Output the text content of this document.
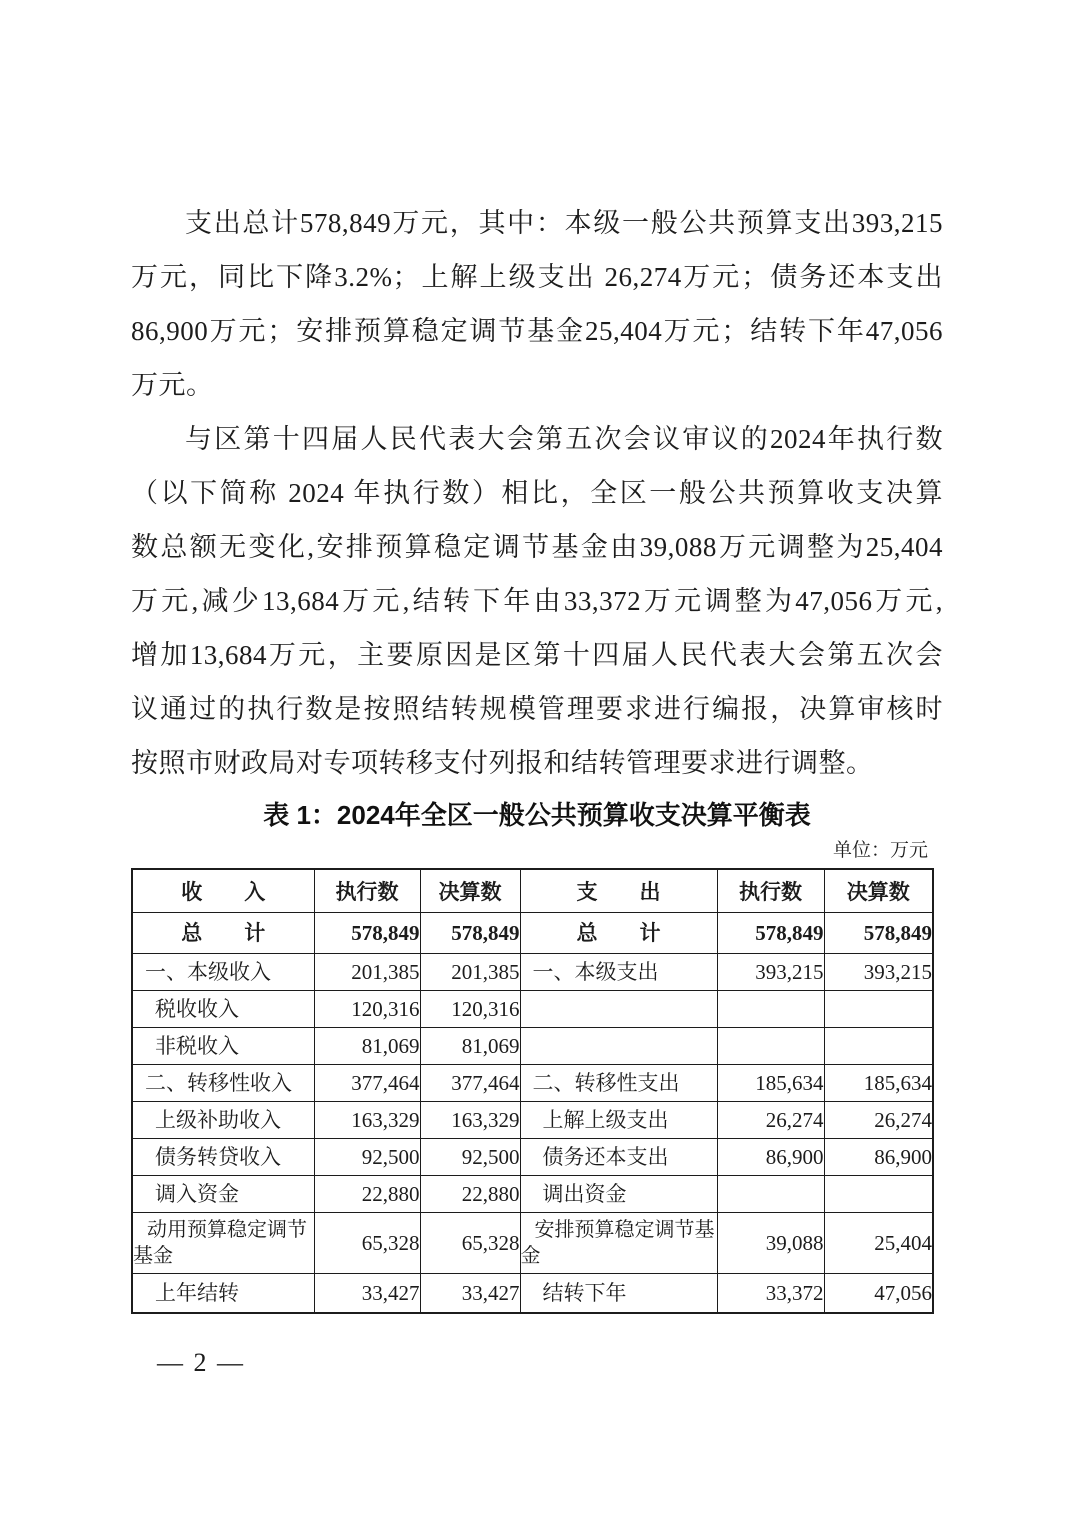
支出总计578,849万元，其中：本级一般公共预算支出393,215
万元，同比下降3.2%；上解上级支出 26,274万元；债务还本支出
86,900万元；安排预算稳定调节基金25,404万元；结转下年47,056
万元。
与区第十四届人民代表大会第五次会议审议的2024年执行数
（以下简称 2024 年执行数）相比，全区一般公共预算收支决算
数总额无变化,安排预算稳定调节基金由39,088万元调整为25,404
万元,减少13,684万元,结转下年由33,372万元调整为47,056万元,
增加13,684万元，主要原因是区第十四届人民代表大会第五次会
议通过的执行数是按照结转规模管理要求进行编报，决算审核时
按照市财政局对专项转移支付列报和结转管理要求进行调整。
表 1：2024年全区一般公共预算收支决算平衡表
单位：万元
收　　入	执行数	决算数	支　　出	执行数	决算数
总　　计	578,849	578,849	总　　计	578,849	578,849
一、本级收入	201,385	201,385	一、本级支出	393,215	393,215
税收收入	120,316	120,316			
非税收入	81,069	81,069			
二、转移性收入	377,464	377,464	二、转移性支出	185,634	185,634
上级补助收入	163,329	163,329	上解上级支出	26,274	26,274
债务转贷收入	92,500	92,500	债务还本支出	86,900	86,900
调入资金	22,880	22,880	调出资金		
动用预算稳定调节基金	65,328	65,328	安排预算稳定调节基金	39,088	25,404
上年结转	33,427	33,427	结转下年	33,372	47,056
— 2 —
